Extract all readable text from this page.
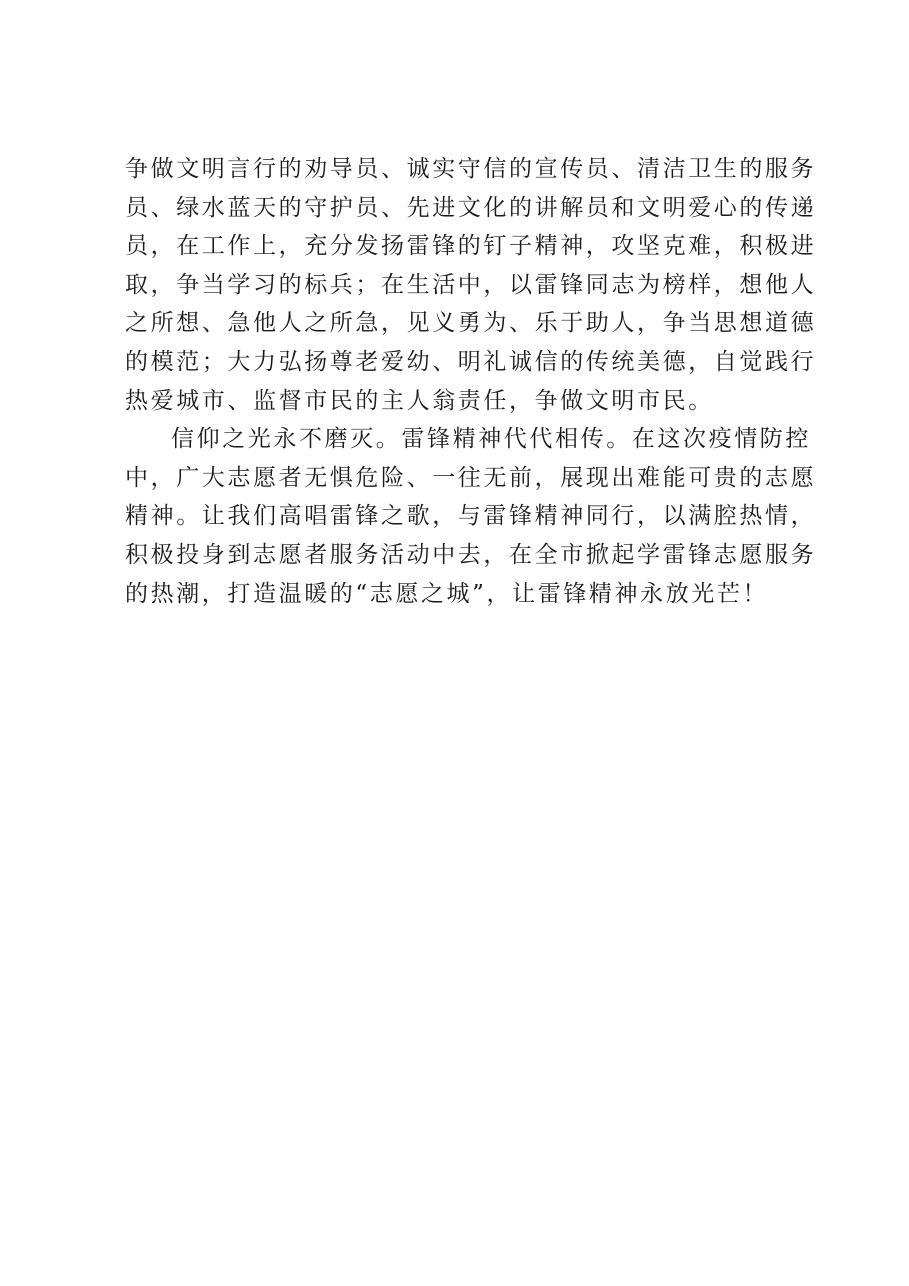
争做文明言行的劝导员、诚实守信的宣传员、清洁卫生的服务
员、绿水蓝天的守护员、先进文化的讲解员和文明爱心的传递
员，在工作上，充分发扬雷锋的钉子精神，攻坚克难，积极进
取，争当学习的标兵；在生活中，以雷锋同志为榜样，想他人
之所想、急他人之所急，见义勇为、乐于助人，争当思想道德
的模范；大力弘扬尊老爱幼、明礼诚信的传统美德，自觉践行
热爱城市、监督市民的主人翁责任，争做文明市民。
信仰之光永不磨灭。雷锋精神代代相传。在这次疫情防控
中，广大志愿者无惧危险、一往无前，展现出难能可贵的志愿
精神。让我们高唱雷锋之歌，与雷锋精神同行，以满腔热情，
积极投身到志愿者服务活动中去，在全市掀起学雷锋志愿服务
的热潮，打造温暖的“志愿之城”，让雷锋精神永放光芒！
